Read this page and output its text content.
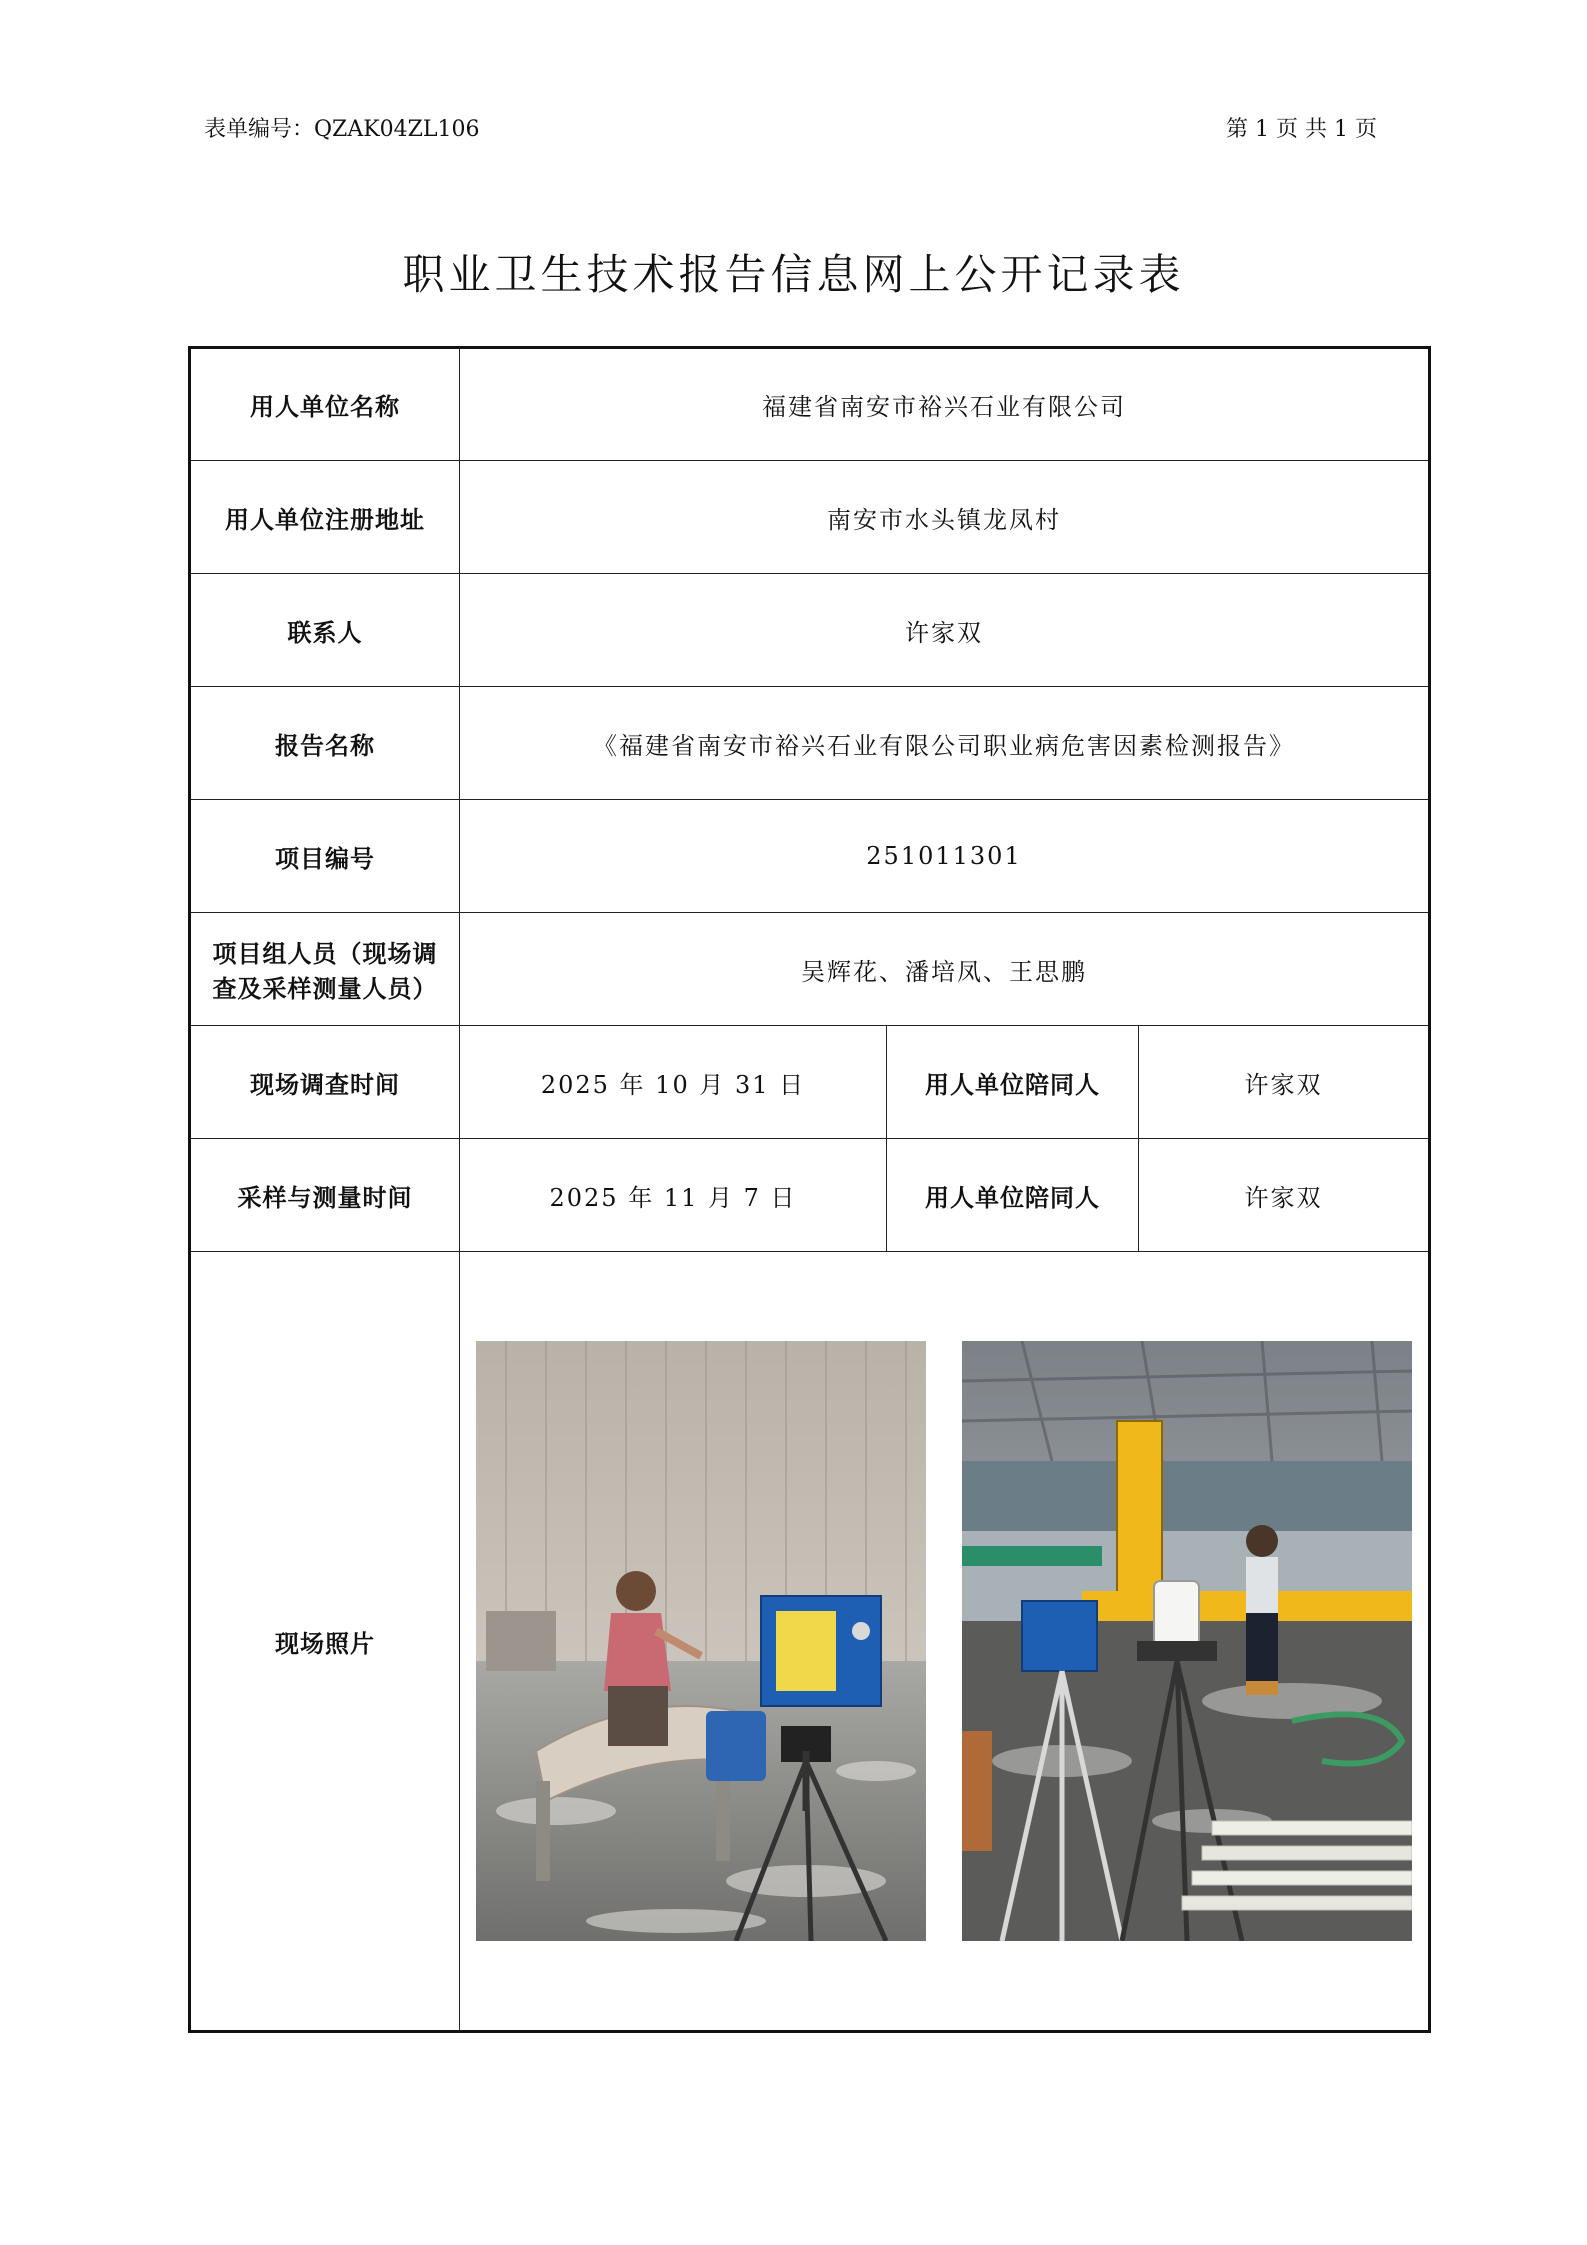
表单编号：QZAK04ZL106	第 1 页 共 1 页
职业卫生技术报告信息网上公开记录表
用人单位名称	福建省南安市裕兴石业有限公司		
用人单位注册地址	南安市水头镇龙凤村		
联系人	许家双		
报告名称	《福建省南安市裕兴石业有限公司职业病危害因素检测报告》		
项目编号	251011301		

项目组人员（现场调
查及采样测量人员）	吴辉花、潘培凤、王思鹏		
现场调查时间	2025 年 10 月 31 日	用人单位陪同人	许家双
采样与测量时间	2025 年 11 月 7 日	用人单位陪同人	许家双
现场照片	
